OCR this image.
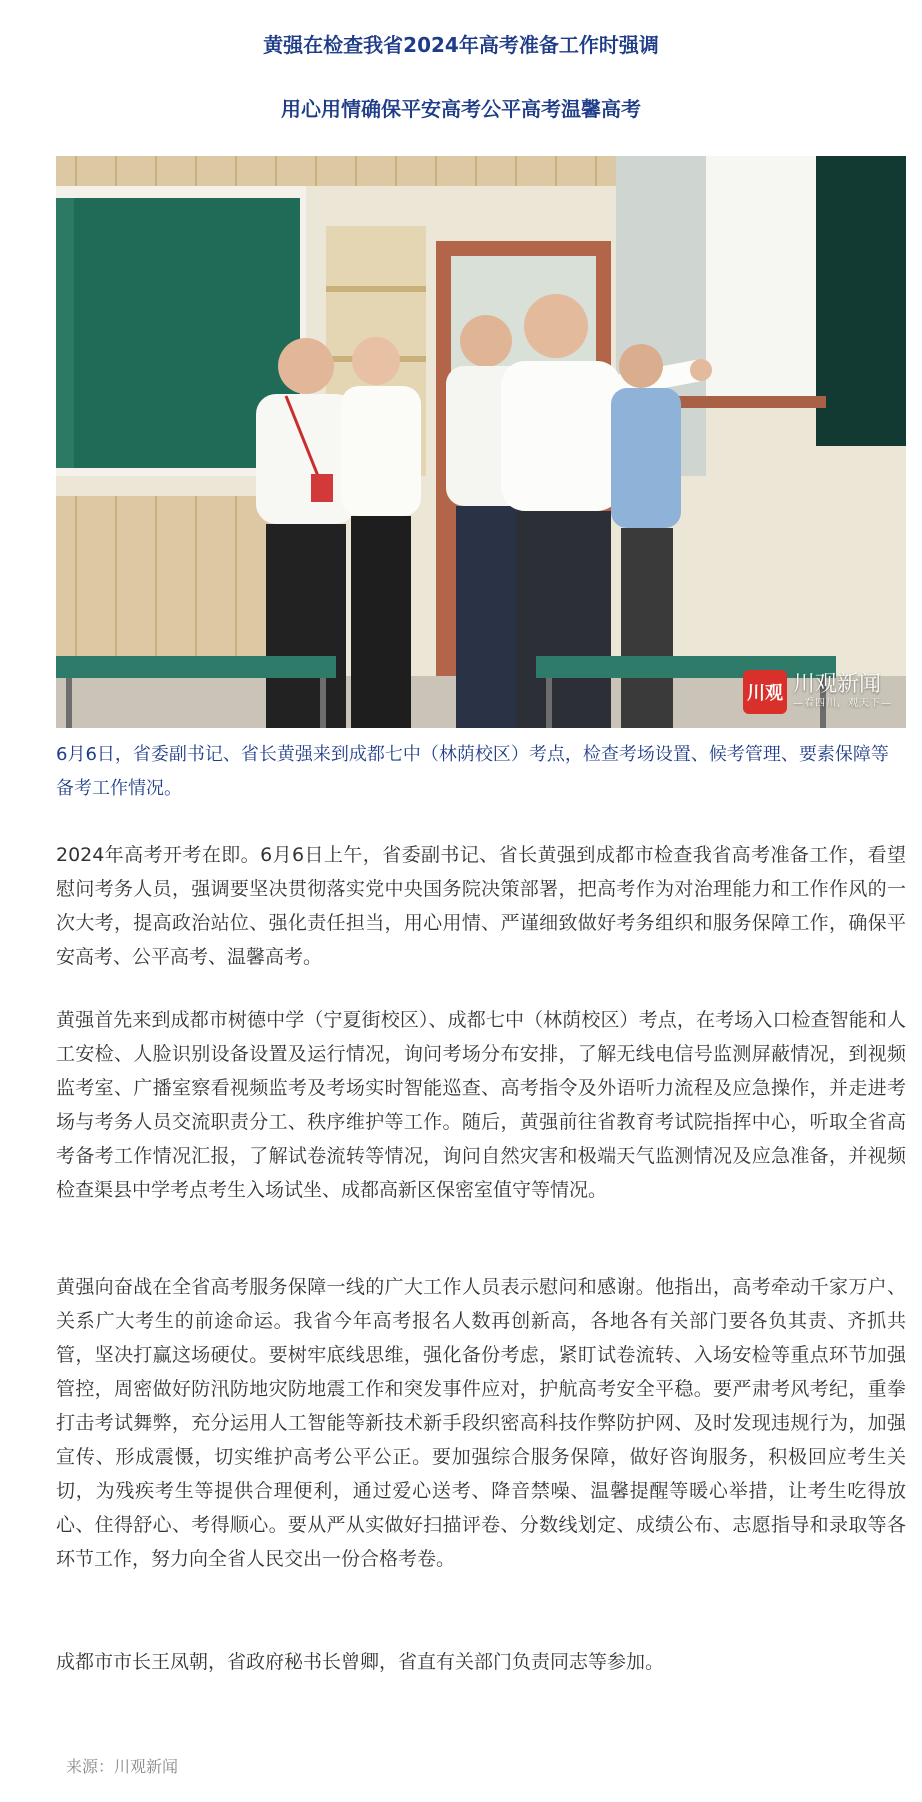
黄强在检查我省2024年高考准备工作时强调
用心用情确保平安高考公平高考温馨高考
川观 川观新闻
—看四川，观天下—
6月6日，省委副书记、省长黄强来到成都七中（林荫校区）考点，检查考场设置、候考管理、要素保障等备考工作情况。

2024年高考开考在即。6月6日上午，省委副书记、省长黄强到成都市检查我省高考准备工作，看望慰问考务人员，强调要坚决贯彻落实党中央国务院决策部署，把高考作为对治理能力和工作作风的一次大考，提高政治站位、强化责任担当，用心用情、严谨细致做好考务组织和服务保障工作，确保平安高考、公平高考、温馨高考。

黄强首先来到成都市树德中学（宁夏街校区）、成都七中（林荫校区）考点，在考场入口检查智能和人工安检、人脸识别设备设置及运行情况，询问考场分布安排，了解无线电信号监测屏蔽情况，到视频监考室、广播室察看视频监考及考场实时智能巡查、高考指令及外语听力流程及应急操作，并走进考场与考务人员交流职责分工、秩序维护等工作。随后，黄强前往省教育考试院指挥中心，听取全省高考备考工作情况汇报，了解试卷流转等情况，询问自然灾害和极端天气监测情况及应急准备，并视频检查渠县中学考点考生入场试坐、成都高新区保密室值守等情况。

黄强向奋战在全省高考服务保障一线的广大工作人员表示慰问和感谢。他指出，高考牵动千家万户、关系广大考生的前途命运。我省今年高考报名人数再创新高，各地各有关部门要各负其责、齐抓共管，坚决打赢这场硬仗。要树牢底线思维，强化备份考虑，紧盯试卷流转、入场安检等重点环节加强管控，周密做好防汛防地灾防地震工作和突发事件应对，护航高考安全平稳。要严肃考风考纪，重拳打击考试舞弊，充分运用人工智能等新技术新手段织密高科技作弊防护网、及时发现违规行为，加强宣传、形成震慑，切实维护高考公平公正。要加强综合服务保障，做好咨询服务，积极回应考生关切，为残疾考生等提供合理便利，通过爱心送考、降音禁噪、温馨提醒等暖心举措，让考生吃得放心、住得舒心、考得顺心。要从严从实做好扫描评卷、分数线划定、成绩公布、志愿指导和录取等各环节工作，努力向全省人民交出一份合格考卷。

成都市市长王凤朝，省政府秘书长曾卿，省直有关部门负责同志等参加。

来源：川观新闻
